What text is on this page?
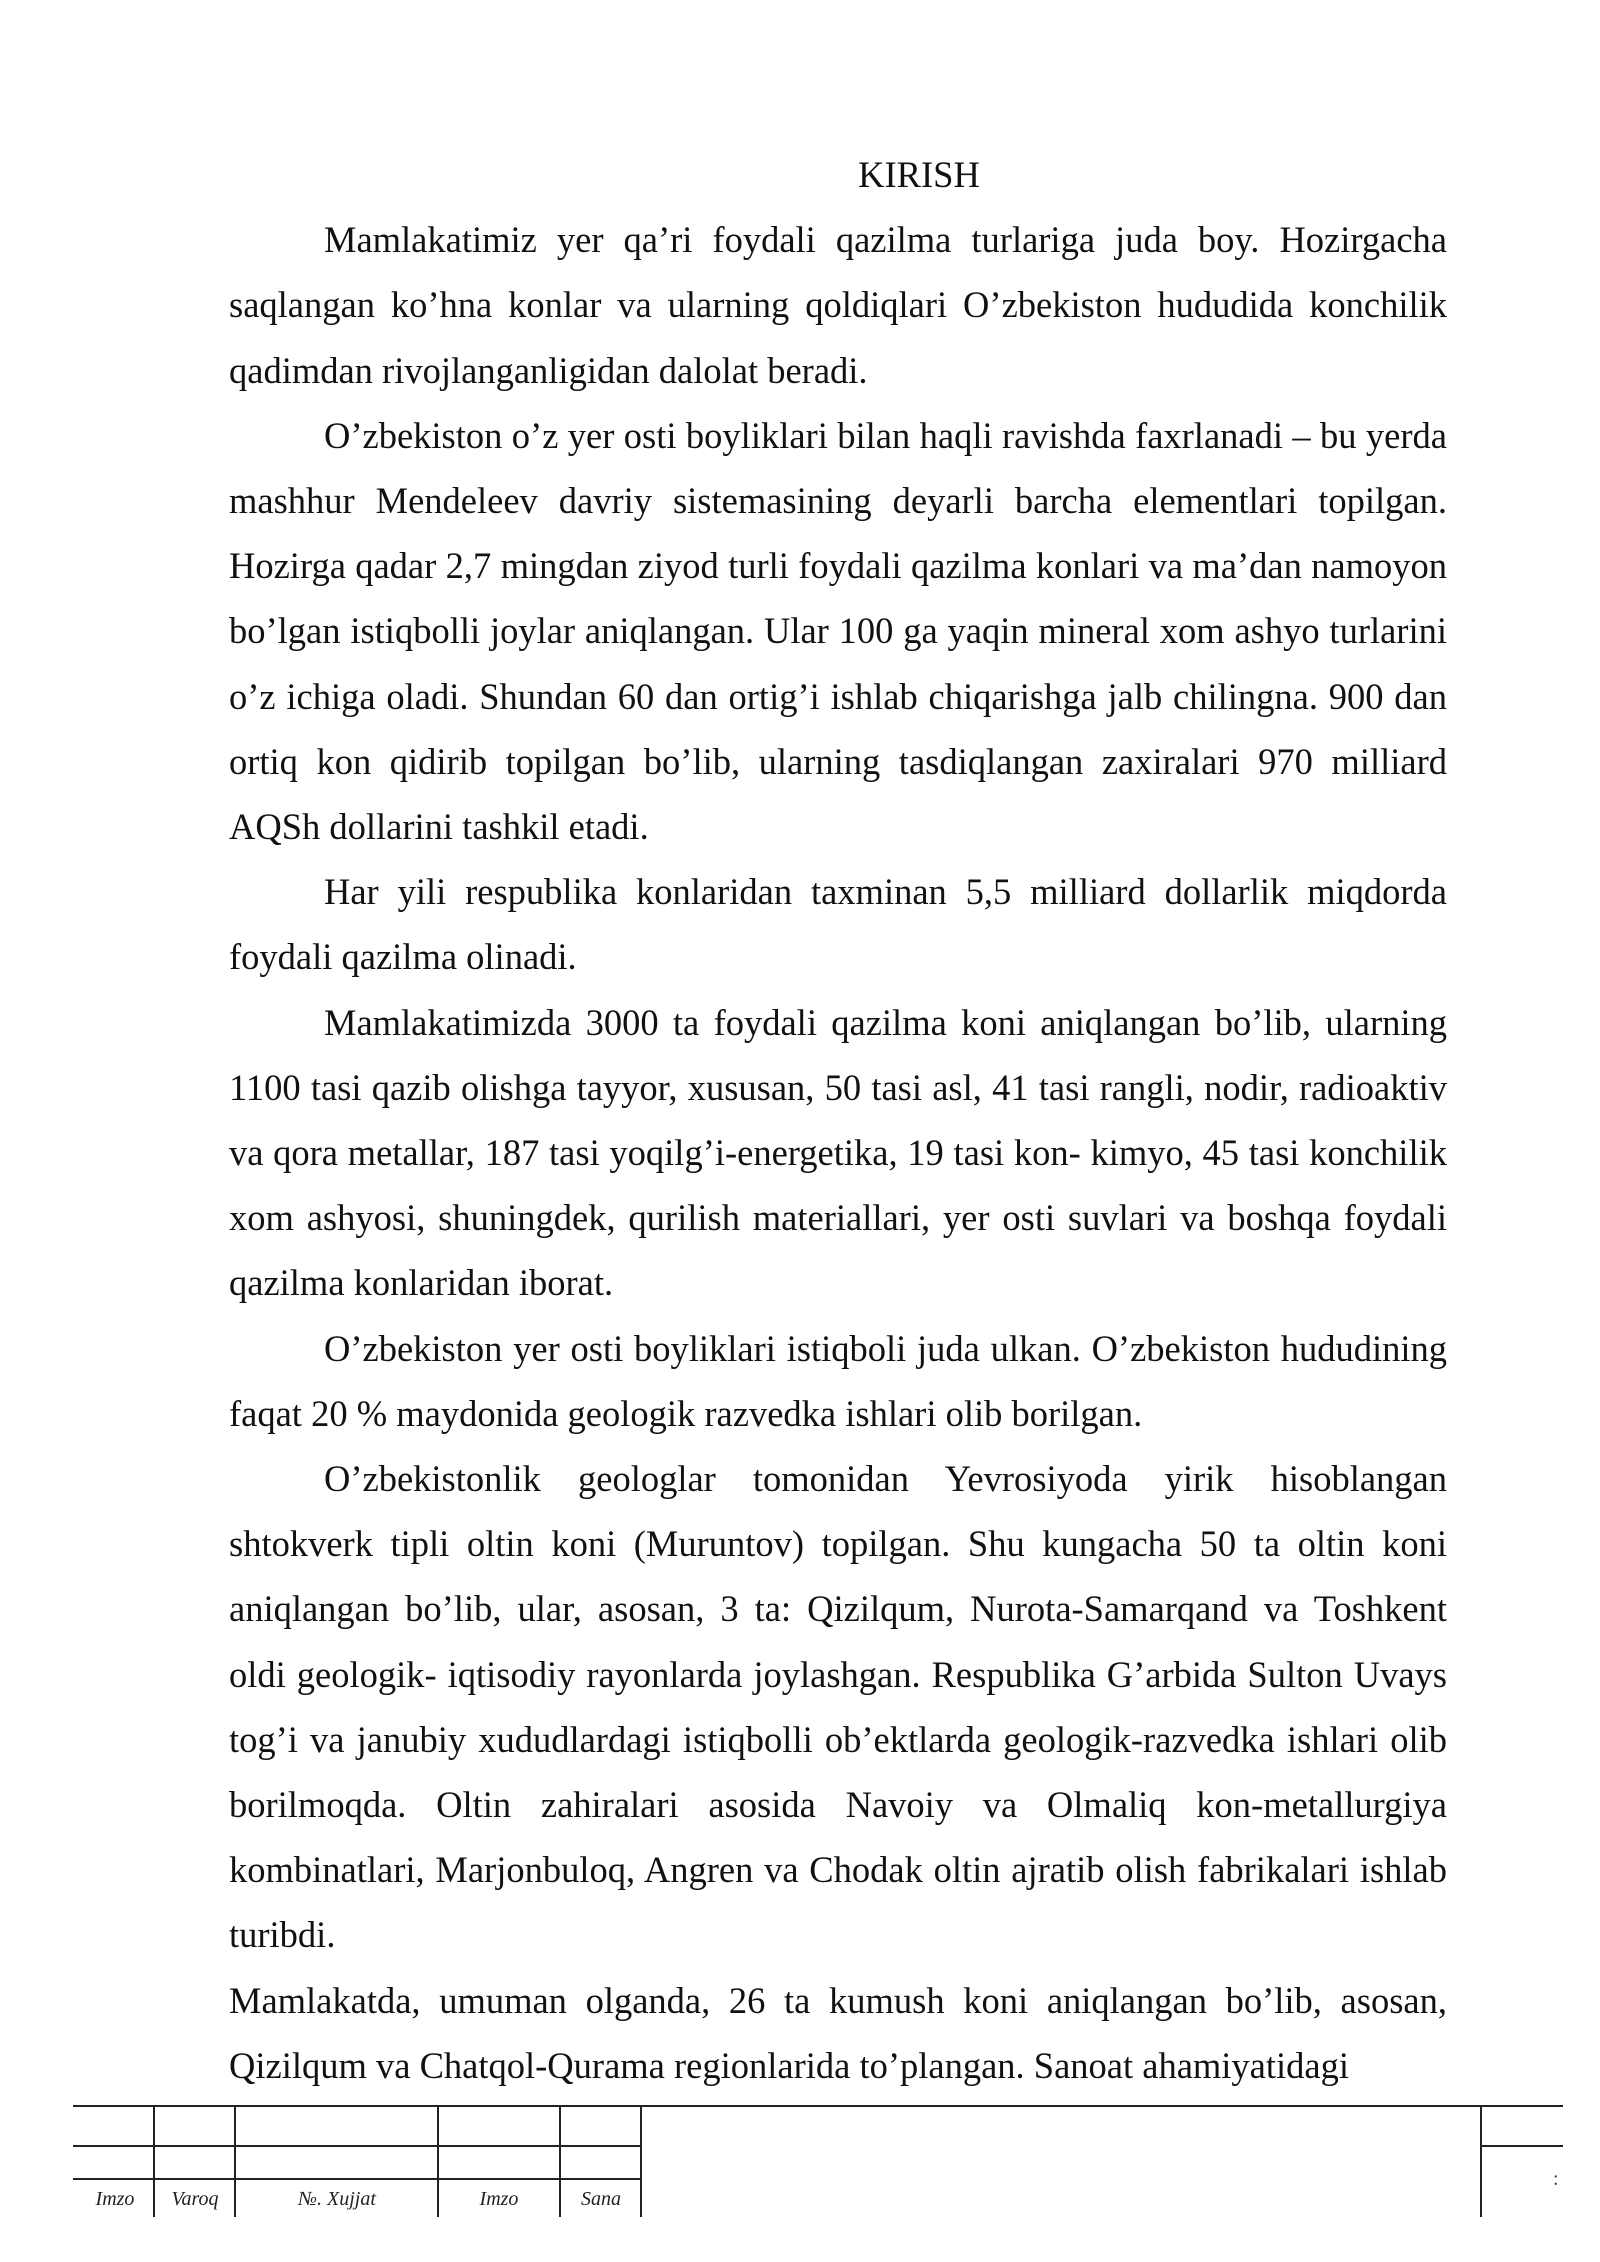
KIRISH

Mamlakatimiz yer qa’ri foydali qazilma turlariga juda boy. Hozirgacha saqlangan ko’hna konlar va ularning qoldiqlari O’zbekiston hududida konchilik qadimdan rivojlanganligidan dalolat beradi.

O’zbekiston o’z yer osti boyliklari bilan haqli ravishda faxrlanadi – bu yerda mashhur Mendeleev davriy sistemasining deyarli barcha elementlari topilgan. Hozirga qadar 2,7 mingdan ziyod turli foydali qazilma konlari va ma’dan namoyon bo’lgan istiqbolli joylar aniqlangan. Ular 100 ga yaqin mineral xom ashyo turlarini o’z ichiga oladi. Shundan 60 dan ortig’i ishlab chiqarishga jalb chilingna. 900 dan ortiq kon qidirib topilgan bo’lib, ularning tasdiqlangan zaxiralari 970 milliard AQSh dollarini tashkil etadi.

Har yili respublika konlaridan taxminan 5,5 milliard dollarlik miqdorda foydali qazilma olinadi.

Mamlakatimizda 3000 ta foydali qazilma koni aniqlangan bo’lib, ularning 1100 tasi qazib olishga tayyor, xususan, 50 tasi asl, 41 tasi rangli, nodir, radioaktiv va qora metallar, 187 tasi yoqilg’i-energetika, 19 tasi kon- kimyo, 45 tasi konchilik xom ashyosi, shuningdek, qurilish materiallari, yer osti suvlari va boshqa foydali qazilma konlaridan iborat.

O’zbekiston yer osti boyliklari istiqboli juda ulkan. O’zbekiston hududining faqat 20 % maydonida geologik razvedka ishlari olib borilgan.

O’zbekistonlik geologlar tomonidan Yevrosiyoda yirik hisoblangan shtokverk tipli oltin koni (Muruntov) topilgan. Shu kungacha 50 ta oltin koni aniqlangan bo’lib, ular, asosan, 3 ta: Qizilqum, Nurota-Samarqand va Toshkent oldi geologik- iqtisodiy rayonlarda joylashgan. Respublika G’arbida Sulton Uvays tog’i va janubiy xududlardagi istiqbolli ob’ektlarda geologik-razvedka ishlari olib borilmoqda. Oltin zahiralari asosida Navoiy va Olmaliq kon-metallurgiya kombinatlari, Marjonbuloq, Angren va Chodak oltin ajratib olish fabrikalari ishlab turibdi.

Mamlakatda, umuman olganda, 26 ta kumush koni aniqlangan bo’lib, asosan, Qizilqum va Chatqol-Qurama regionlarida to’plangan. Sanoat ahamiyatidagi

Imzo	Varoq	№. Xujjat	Imzo	Sana
:
